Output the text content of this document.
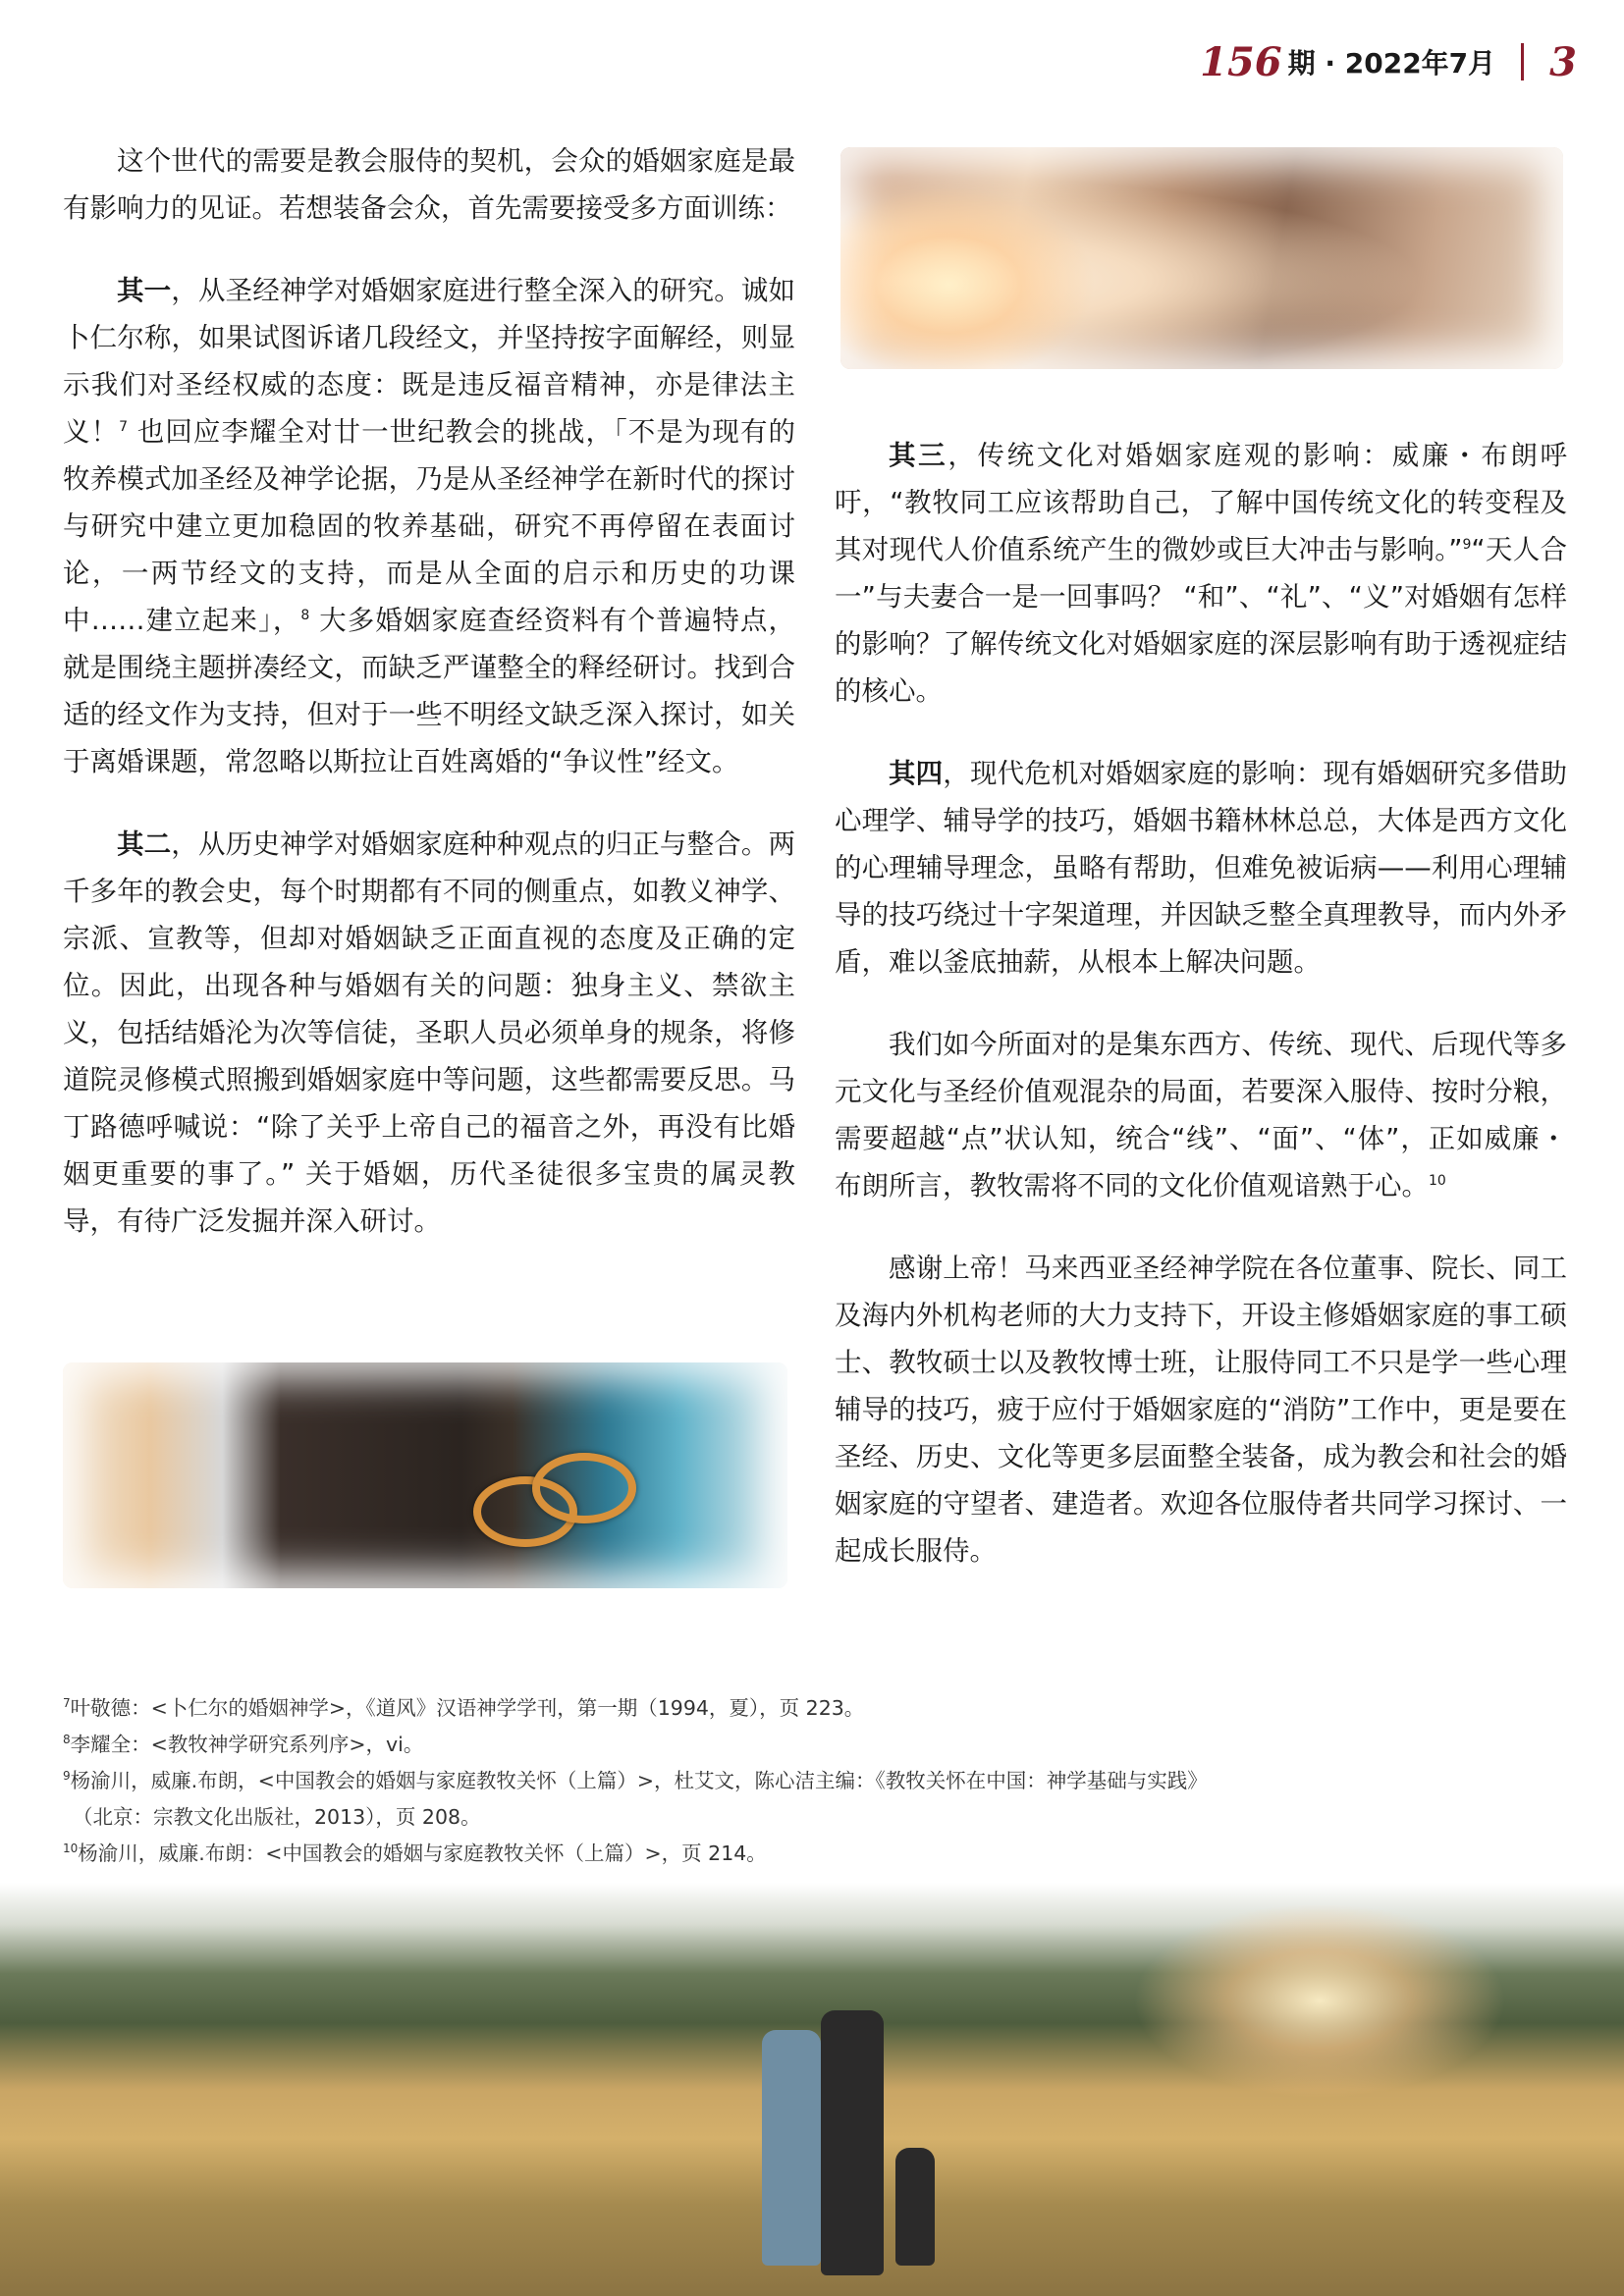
156 期 · 2022年7月 3

这个世代的需要是教会服侍的契机，会众的婚姻家庭是最有影响力的见证。若想装备会众，首先需要接受多方面训练：

其一，从圣经神学对婚姻家庭进行整全深入的研究。诚如卜仁尔称，如果试图诉诸几段经文，并坚持按字面解经，则显示我们对圣经权威的态度：既是违反福音精神，亦是律法主义！$^7$ 也回应李耀全对廿一世纪教会的挑战，「不是为现有的牧养模式加圣经及神学论据，乃是从圣经神学在新时代的探讨与研究中建立更加稳固的牧养基础，研究不再停留在表面讨论，一两节经文的支持，而是从全面的启示和历史的功课中……建立起来」，$^8$ 大多婚姻家庭查经资料有个普遍特点，就是围绕主题拼凑经文，而缺乏严谨整全的释经研讨。找到合适的经文作为支持，但对于一些不明经文缺乏深入探讨，如关于离婚课题，常忽略以斯拉让百姓离婚的“争议性”经文。

其二，从历史神学对婚姻家庭种种观点的归正与整合。两千多年的教会史，每个时期都有不同的侧重点，如教义神学、宗派、宣教等，但却对婚姻缺乏正面直视的态度及正确的定位。因此，出现各种与婚姻有关的问题：独身主义、禁欲主义，包括结婚沦为次等信徒，圣职人员必须单身的规条，将修道院灵修模式照搬到婚姻家庭中等问题，这些都需要反思。马丁路德呼喊说：“除了关乎上帝自己的福音之外，再没有比婚姻更重要的事了。” 关于婚姻，历代圣徒很多宝贵的属灵教导，有待广泛发掘并深入研讨。

其三，传统文化对婚姻家庭观的影响：威廉・布朗呼吁，“教牧同工应该帮助自己，了解中国传统文化的转变程及其对现代人价值系统产生的微妙或巨大冲击与影响。”$^9$“天人合一”与夫妻合一是一回事吗？ “和”、“礼”、“义”对婚姻有怎样的影响？了解传统文化对婚姻家庭的深层影响有助于透视症结的核心。

其四，现代危机对婚姻家庭的影响：现有婚姻研究多借助心理学、辅导学的技巧，婚姻书籍林林总总，大体是西方文化的心理辅导理念，虽略有帮助，但难免被诟病——利用心理辅导的技巧绕过十字架道理，并因缺乏整全真理教导，而内外矛盾，难以釜底抽薪，从根本上解决问题。

我们如今所面对的是集东西方、传统、现代、后现代等多元文化与圣经价值观混杂的局面，若要深入服侍、按时分粮，需要超越“点”状认知，统合“线”、“面”、“体”，正如威廉・布朗所言，教牧需将不同的文化价值观谙熟于心。$^{10}$

感谢上帝！马来西亚圣经神学院在各位董事、院长、同工及海内外机构老师的大力支持下，开设主修婚姻家庭的事工硕士、教牧硕士以及教牧博士班，让服侍同工不只是学一些心理辅导的技巧，疲于应付于婚姻家庭的“消防”工作中，更是要在圣经、历史、文化等更多层面整全装备，成为教会和社会的婚姻家庭的守望者、建造者。欢迎各位服侍者共同学习探讨、一起成长服侍。

$^7$叶敬德：<卜仁尔的婚姻神学>，《道风》汉语神学学刊，第一期（1994，夏），页 223。

$^8$李耀全：<教牧神学研究系列序>，vi。

$^9$杨渝川，威廉.布朗，<中国教会的婚姻与家庭教牧关怀（上篇）>，杜艾文，陈心洁主编：《教牧关怀在中国：神学基础与实践》

（北京：宗教文化出版社，2013），页 208。

$^{10}$杨渝川，威廉.布朗：<中国教会的婚姻与家庭教牧关怀（上篇）>，页 214。
